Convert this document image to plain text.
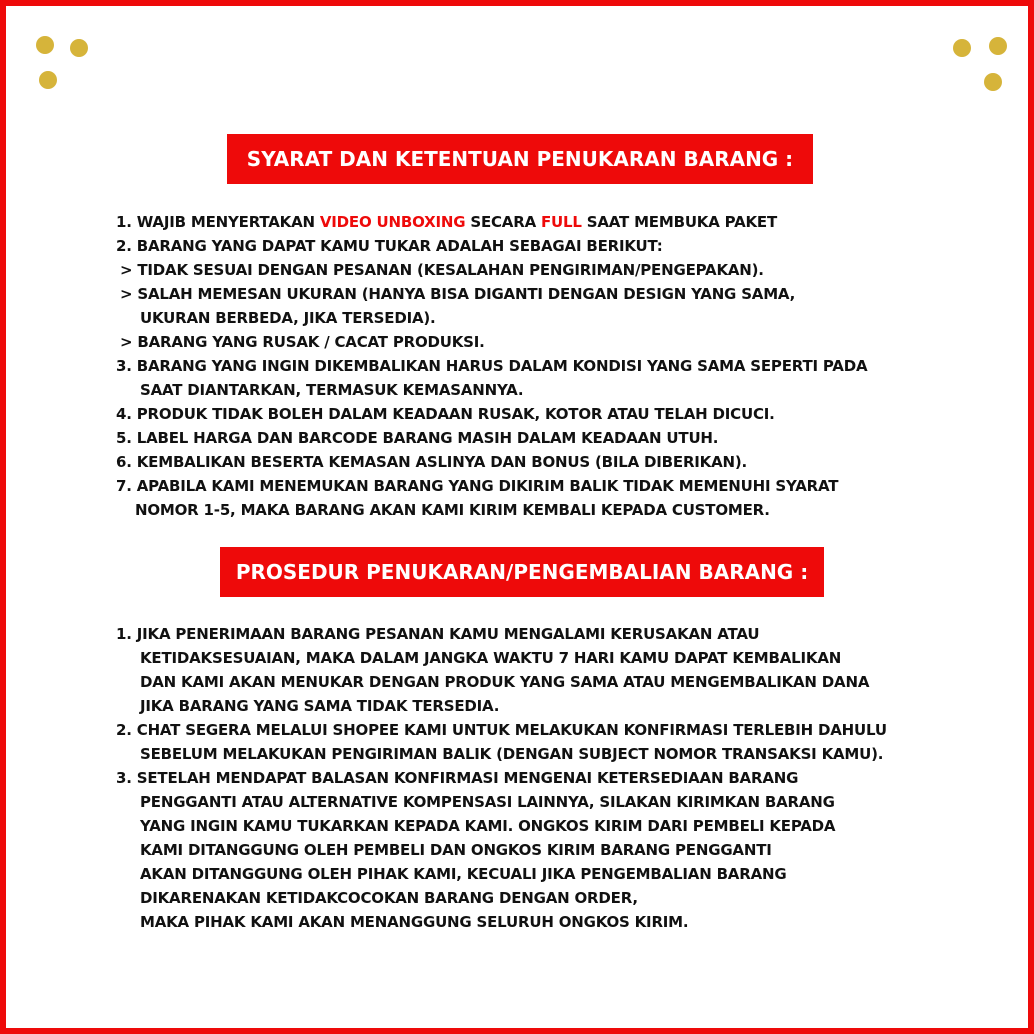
SYARAT DAN KETENTUAN PENUKARAN BARANG :
1. WAJIB MENYERTAKAN VIDEO UNBOXING SECARA FULL SAAT MEMBUKA PAKET
2. BARANG YANG DAPAT KAMU TUKAR ADALAH SEBAGAI BERIKUT:
> TIDAK SESUAI DENGAN PESANAN (KESALAHAN PENGIRIMAN/PENGEPAKAN).
> SALAH MEMESAN UKURAN (HANYA BISA DIGANTI DENGAN DESIGN YANG SAMA,
UKURAN BERBEDA, JIKA TERSEDIA).
> BARANG YANG RUSAK / CACAT PRODUKSI.
3. BARANG YANG INGIN DIKEMBALIKAN HARUS DALAM KONDISI YANG SAMA SEPERTI PADA
SAAT DIANTARKAN, TERMASUK KEMASANNYA.
4. PRODUK TIDAK BOLEH DALAM KEADAAN RUSAK, KOTOR ATAU TELAH DICUCI.
5. LABEL HARGA DAN BARCODE BARANG MASIH DALAM KEADAAN UTUH.
6. KEMBALIKAN BESERTA KEMASAN ASLINYA DAN BONUS (BILA DIBERIKAN).
7. APABILA KAMI MENEMUKAN BARANG YANG DIKIRIM BALIK TIDAK MEMENUHI SYARAT
NOMOR 1-5, MAKA BARANG AKAN KAMI KIRIM KEMBALI KEPADA CUSTOMER.
PROSEDUR PENUKARAN/PENGEMBALIAN BARANG :
1. JIKA PENERIMAAN BARANG PESANAN KAMU MENGALAMI KERUSAKAN ATAU
KETIDAKSESUAIAN, MAKA DALAM JANGKA WAKTU 7 HARI KAMU DAPAT KEMBALIKAN
DAN KAMI AKAN MENUKAR DENGAN PRODUK YANG SAMA ATAU MENGEMBALIKAN DANA
JIKA BARANG YANG SAMA TIDAK TERSEDIA.
2. CHAT SEGERA MELALUI SHOPEE KAMI UNTUK MELAKUKAN KONFIRMASI TERLEBIH DAHULU
SEBELUM MELAKUKAN PENGIRIMAN BALIK (DENGAN SUBJECT NOMOR TRANSAKSI KAMU).
3. SETELAH MENDAPAT BALASAN KONFIRMASI MENGENAI KETERSEDIAAN BARANG
PENGGANTI ATAU ALTERNATIVE KOMPENSASI LAINNYA, SILAKAN KIRIMKAN BARANG
YANG INGIN KAMU TUKARKAN KEPADA KAMI. ONGKOS KIRIM DARI PEMBELI KEPADA
KAMI DITANGGUNG OLEH PEMBELI DAN ONGKOS KIRIM BARANG PENGGANTI
AKAN DITANGGUNG OLEH PIHAK KAMI, KECUALI JIKA PENGEMBALIAN BARANG
DIKARENAKAN KETIDAKCOCOKAN BARANG DENGAN ORDER,
MAKA PIHAK KAMI AKAN MENANGGUNG SELURUH ONGKOS KIRIM.
